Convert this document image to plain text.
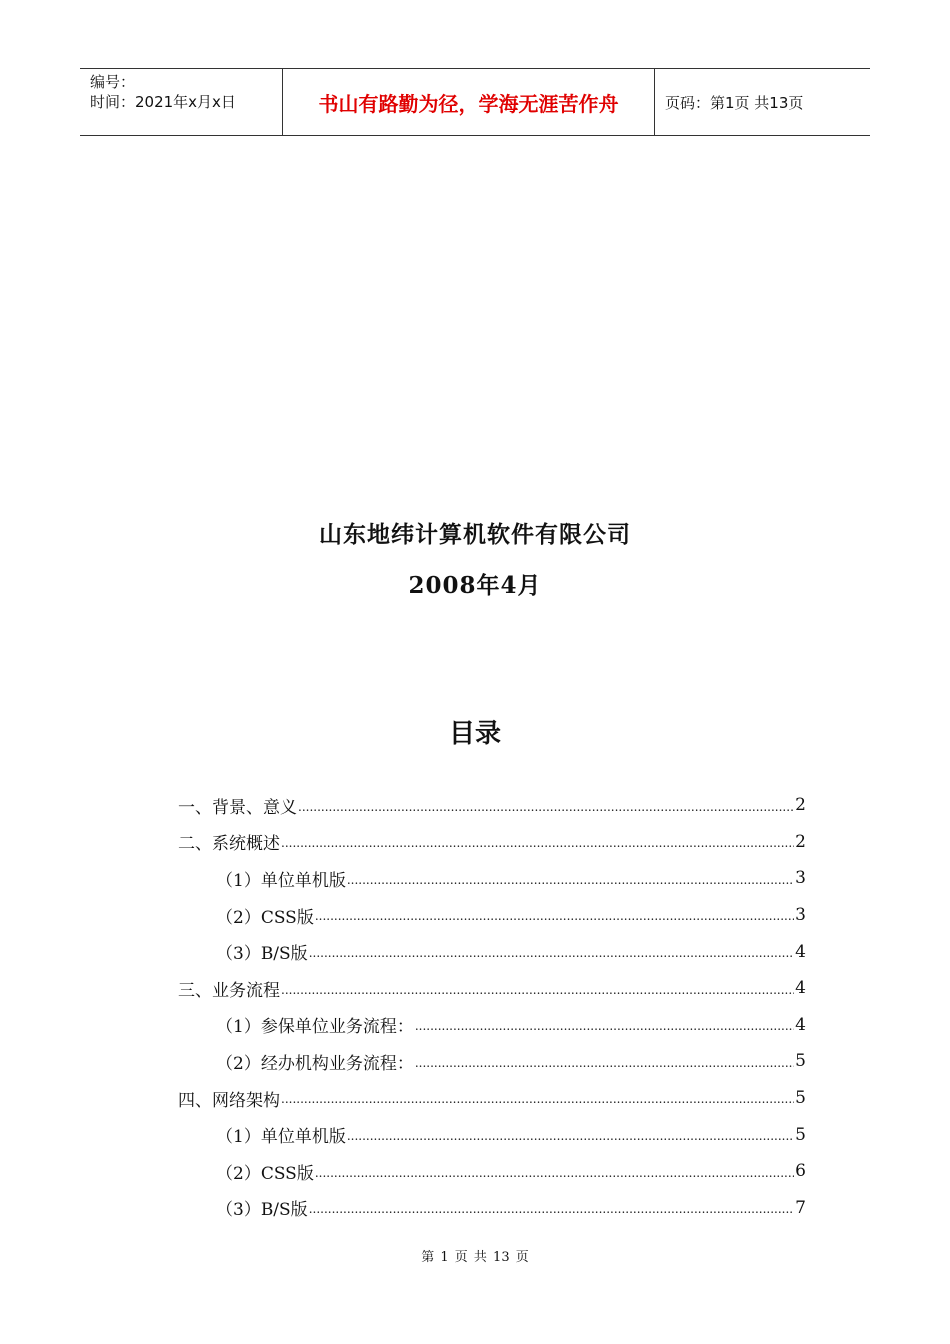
编号：
时间：2021年x月x日	书山有路勤为径，学海无涯苦作舟	页码：第1页 共13页
山东地纬计算机软件有限公司
2008年4月
目录
一、背景、意义 .....	2
二、系统概述 .....	2
（1）单位单机版 .....	3
（2）CSS版 .....	3
（3）B/S版 .....	4
三、业务流程 .....	4
（1）参保单位业务流程： .....	4
（2）经办机构业务流程： .....	5
四、网络架构 .....	5
（1）单位单机版 .....	5
（2）CSS版 .....	6
（3）B/S版 .....	7
第 1 页 共 13 页
